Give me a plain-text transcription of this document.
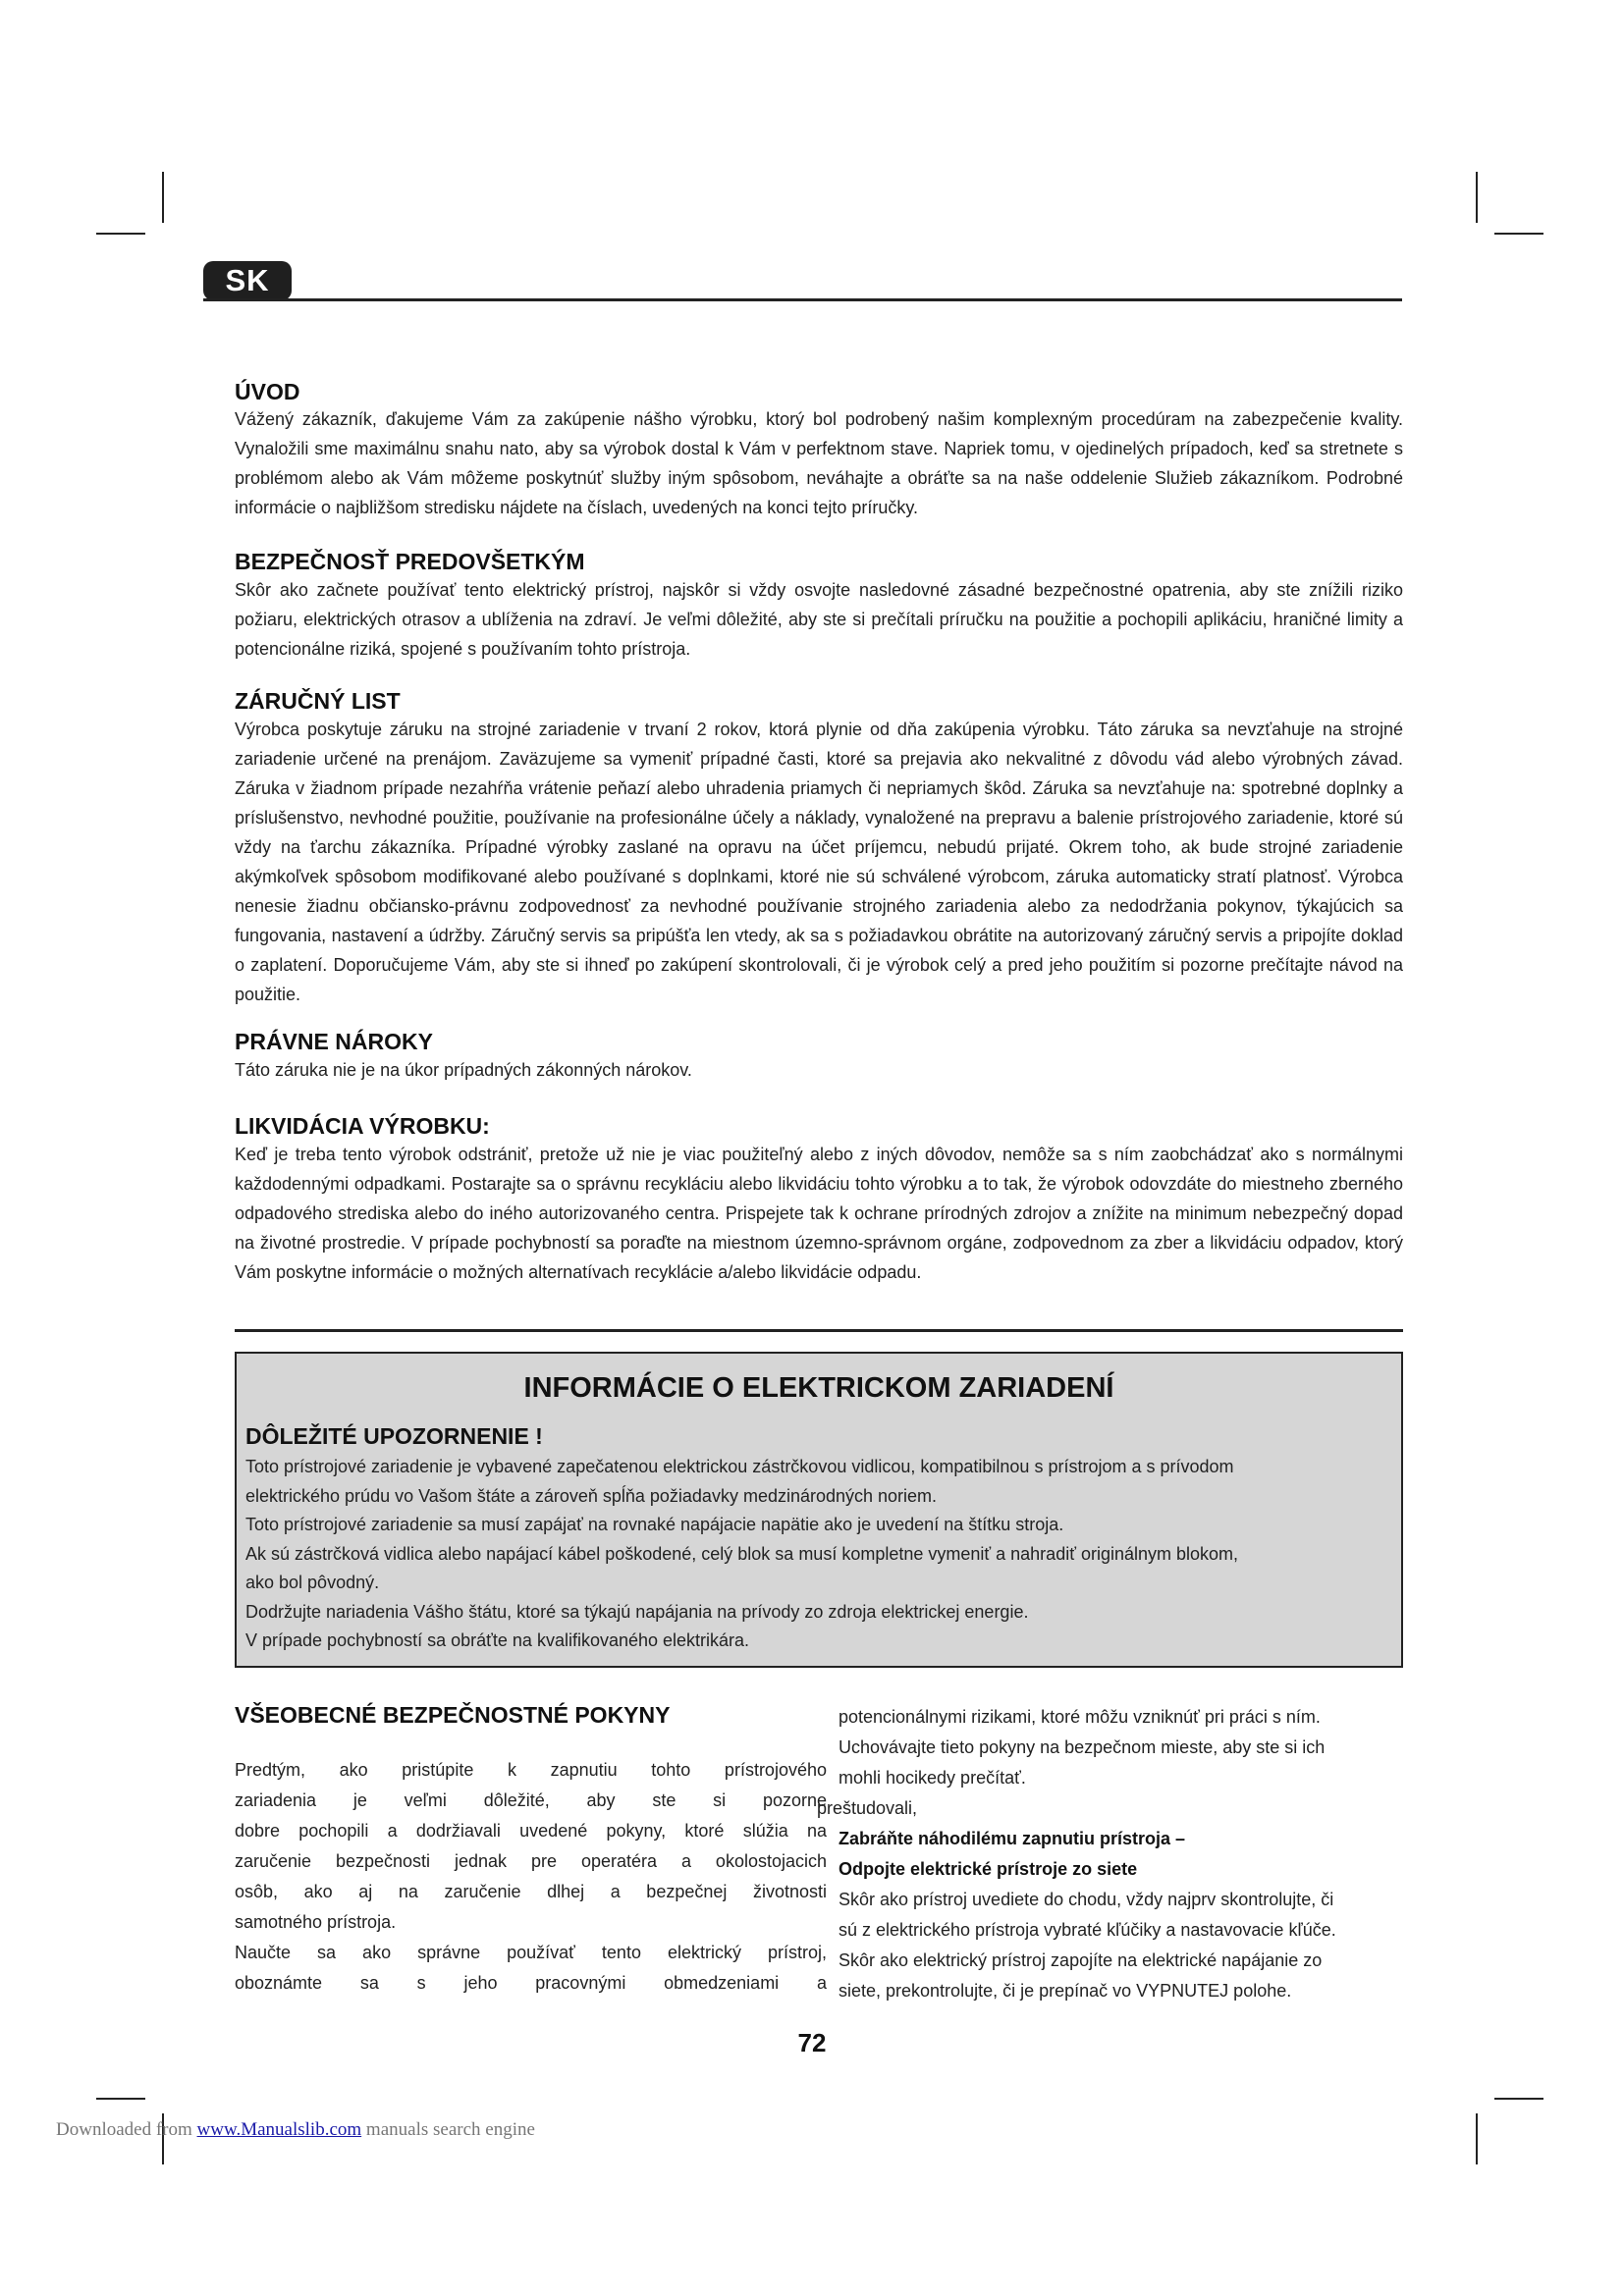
SK
ÚVOD

Vážený zákazník, ďakujeme Vám za zakúpenie nášho výrobku, ktorý bol podrobený našim komplexným procedúram na zabezpečenie kvality. Vynaložili sme maximálnu snahu nato, aby sa výrobok dostal k Vám v perfektnom stave. Napriek tomu, v ojedinelých prípadoch, keď sa stretnete s problémom alebo ak Vám môžeme poskytnúť služby iným spôsobom, neváhajte a obráťte sa na naše oddelenie Služieb zákazníkom. Podrobné informácie o najbližšom stredisku nájdete na číslach, uvedených na konci tejto príručky.

BEZPEČNOSŤ PREDOVŠETKÝM

Skôr ako začnete používať tento elektrický prístroj, najskôr si vždy osvojte nasledovné zásadné bezpečnostné opatrenia, aby ste znížili riziko požiaru, elektrických otrasov a ublíženia na zdraví. Je veľmi dôležité, aby ste si prečítali príručku na použitie a pochopili aplikáciu, hraničné limity a potencionálne riziká, spojené s používaním tohto prístroja.

ZÁRUČNÝ LIST

Výrobca poskytuje záruku na strojné zariadenie v trvaní 2 rokov, ktorá plynie od dňa zakúpenia výrobku. Táto záruka sa nevzťahuje na strojné zariadenie určené na prenájom. Zaväzujeme sa vymeniť prípadné časti, ktoré sa prejavia ako nekvalitné z dôvodu vád alebo výrobných závad. Záruka v žiadnom prípade nezahŕňa vrátenie peňazí alebo uhradenia priamych či nepriamych škôd. Záruka sa nevzťahuje na: spotrebné doplnky a príslušenstvo, nevhodné použitie, používanie na profesionálne účely a náklady, vynaložené na prepravu a balenie prístrojového zariadenie, ktoré sú vždy na ťarchu zákazníka. Prípadné výrobky zaslané na opravu na účet príjemcu, nebudú prijaté. Okrem toho, ak bude strojné zariadenie akýmkoľvek spôsobom modifikované alebo používané s doplnkami, ktoré nie sú schválené výrobcom, záruka automaticky stratí platnosť. Výrobca nenesie žiadnu občiansko-právnu zodpovednosť za nevhodné používanie strojného zariadenia alebo za nedodržania pokynov, týkajúcich sa fungovania, nastavení a údržby. Záručný servis sa pripúšťa len vtedy, ak sa s požiadavkou obrátite na autorizovaný záručný servis a pripojíte doklad o zaplatení. Doporučujeme Vám, aby ste si ihneď po zakúpení skontrolovali, či je výrobok celý a pred jeho použitím si pozorne prečítajte návod na použitie.

PRÁVNE NÁROKY

Táto záruka nie je na úkor prípadných zákonných nárokov.

LIKVIDÁCIA VÝROBKU:

Keď je treba tento výrobok odstrániť, pretože už nie je viac použiteľný alebo z iných dôvodov, nemôže sa s ním zaobchádzať ako s normálnymi každodennými odpadkami. Postarajte sa o správnu recykláciu alebo likvidáciu tohto výrobku a to tak, že výrobok odovzdáte do miestneho zberného odpadového strediska alebo do iného autorizovaného centra. Prispejete tak k ochrane prírodných zdrojov a znížite na minimum nebezpečný dopad na životné prostredie. V prípade pochybností sa poraďte na miestnom územno-správnom orgáne, zodpovednom za zber a likvidáciu odpadov, ktorý Vám poskytne informácie o možných alternatívach recyklácie a/alebo likvidácie odpadu.

INFORMÁCIE O ELEKTRICKOM ZARIADENÍ
DÔLEŽITÉ UPOZORNENIE !

Toto prístrojové zariadenie je vybavené zapečatenou elektrickou zástrčkovou vidlicou, kompatibilnou s prístrojom a s prívodom

elektrického prúdu vo Vašom štáte a zároveň spĺňa požiadavky medzinárodných noriem.

Toto prístrojové zariadenie sa musí zapájať na rovnaké napájacie napätie ako je uvedení na štítku stroja.

Ak sú zástrčková vidlica alebo napájací kábel poškodené, celý blok sa musí kompletne vymeniť a nahradiť originálnym blokom,

ako bol pôvodný.

Dodržujte nariadenia Vášho štátu, ktoré sa týkajú napájania na prívody zo zdroja elektrickej energie.

V prípade pochybností sa obráťte na kvalifikovaného elektrikára.

VŠEOBECNÉ BEZPEČNOSTNÉ POKYNY

Predtým, ako pristúpite k zapnutiu tohto prístrojového

zariadenia je veľmi dôležité, aby ste si pozorne

dobre pochopili a dodržiavali uvedené pokyny, ktoré slúžia na

zaručenie bezpečnosti jednak pre operatéra a okolostojacich

osôb, ako aj na zaručenie dlhej a bezpečnej životnosti

samotného prístroja.

Naučte sa ako správne používať tento elektrický prístroj,

oboznámte sa s jeho pracovnými obmedzeniami a

potencionálnymi rizikami, ktoré môžu vzniknúť pri práci s ním.

Uchovávajte tieto pokyny na bezpečnom mieste, aby ste si ich

mohli hocikedy prečítať.

preštudovali,

Zabráňte náhodilému zapnutiu prístroja –

Odpojte elektrické prístroje zo siete

Skôr ako prístroj uvediete do chodu, vždy najprv skontrolujte, či

sú z elektrického prístroja vybraté kľúčiky a nastavovacie kľúče.

Skôr ako elektrický prístroj zapojíte na elektrické napájanie zo

siete, prekontrolujte, či je prepínač vo VYPNUTEJ polohe.

72
Downloaded from www.Manualslib.com manuals search engine
